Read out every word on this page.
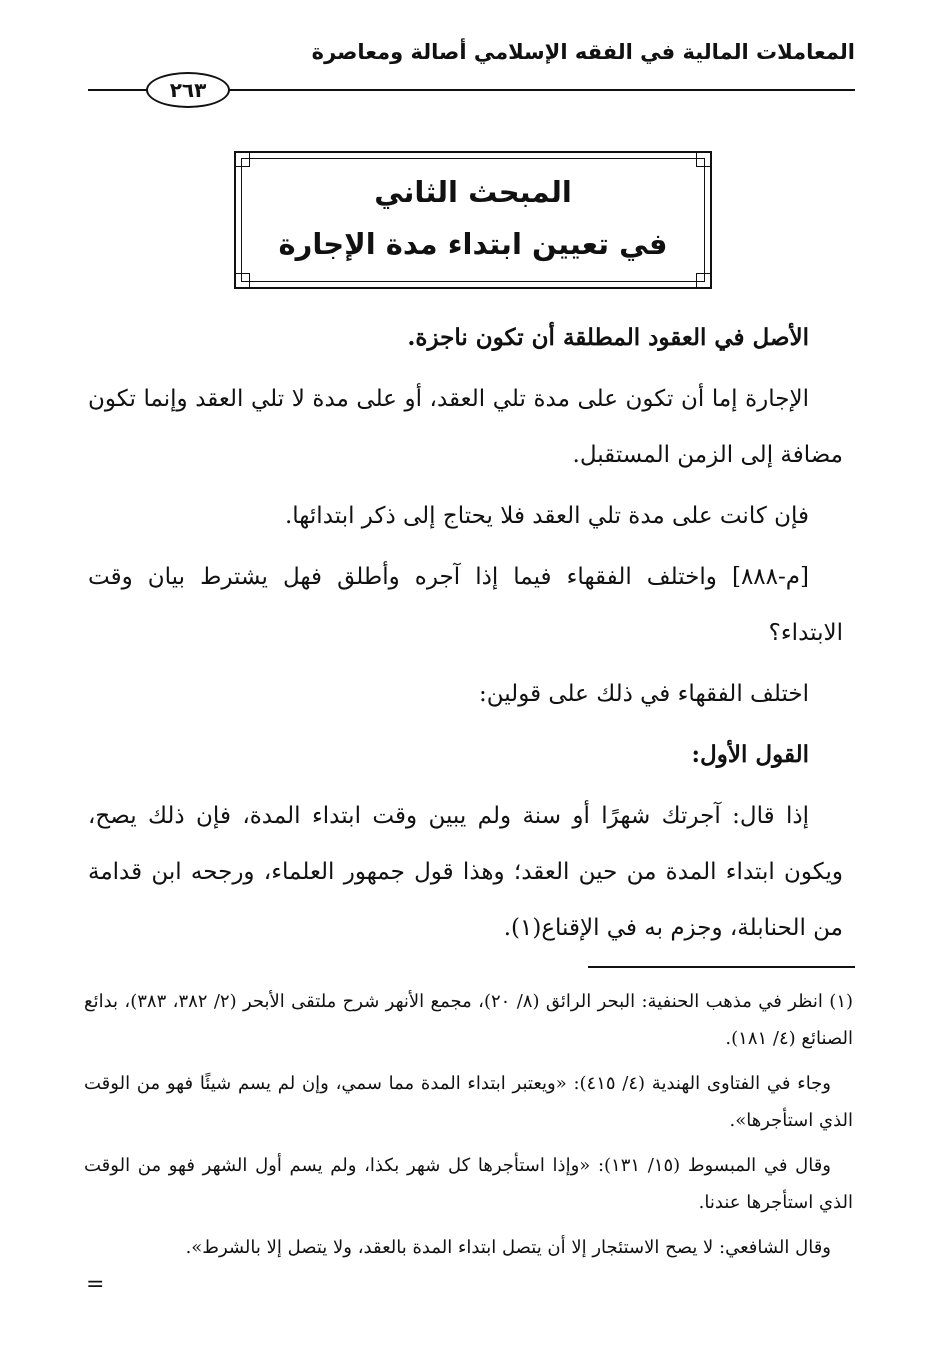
المعاملات المالية في الفقه الإسلامي أصالة ومعاصرة
٢٦٣
المبحث الثاني
في تعيين ابتداء مدة الإجارة

الأصل في العقود المطلقة أن تكون ناجزة.

الإجارة إما أن تكون على مدة تلي العقد، أو على مدة لا تلي العقد وإنما تكون مضافة إلى الزمن المستقبل.

فإن كانت على مدة تلي العقد فلا يحتاج إلى ذكر ابتدائها.

[م-٨٨٨] واختلف الفقهاء فيما إذا آجره وأطلق فهل يشترط بيان وقت الابتداء؟

اختلف الفقهاء في ذلك على قولين:

القول الأول:

إذا قال: آجرتك شهرًا أو سنة ولم يبين وقت ابتداء المدة، فإن ذلك يصح، ويكون ابتداء المدة من حين العقد؛ وهذا قول جمهور العلماء، ورجحه ابن قدامة من الحنابلة، وجزم به في الإقناع(١).

(١) انظر في مذهب الحنفية: البحر الرائق (٨/ ٢٠)، مجمع الأنهر شرح ملتقى الأبحر (٢/ ٣٨٢، ٣٨٣)، بدائع الصنائع (٤/ ١٨١).

وجاء في الفتاوى الهندية (٤/ ٤١٥): «ويعتبر ابتداء المدة مما سمي، وإن لم يسم شيئًا فهو من الوقت الذي استأجرها».

وقال في المبسوط (١٥/ ١٣١): «وإذا استأجرها كل شهر بكذا، ولم يسم أول الشهر فهو من الوقت الذي استأجرها عندنا.

وقال الشافعي: لا يصح الاستئجار إلا أن يتصل ابتداء المدة بالعقد، ولا يتصل إلا بالشرط».

=
